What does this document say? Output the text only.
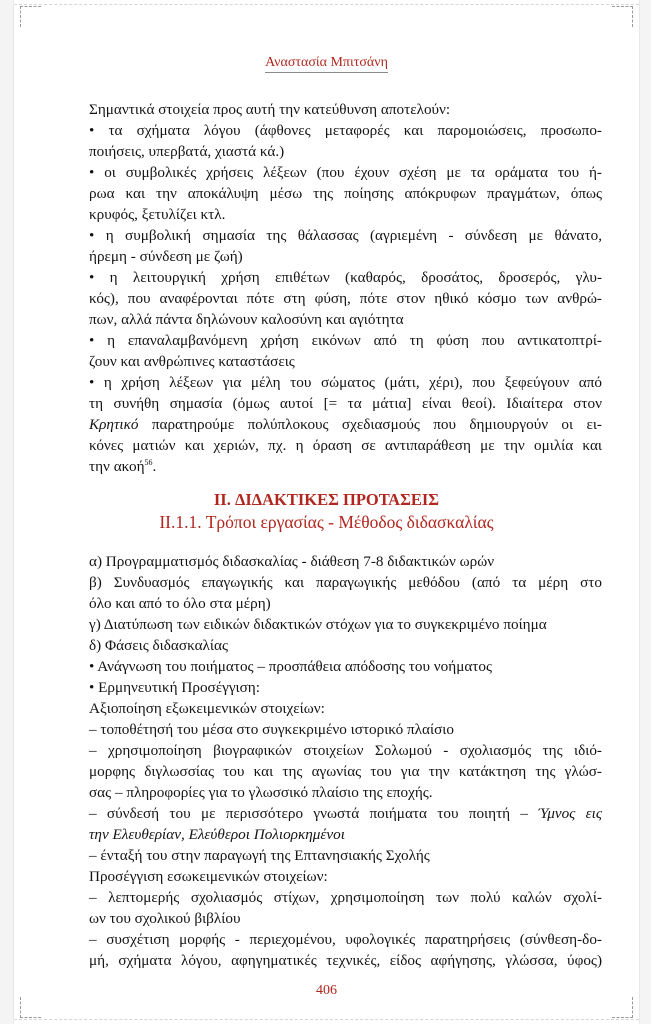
Αναστασία Μπιτσάνη
Σημαντικά στοιχεία προς αυτή την κατεύθυνση αποτελούν:
• τα σχήματα λόγου (άφθονες μεταφορές και παρομοιώσεις, προσωπο-
ποιήσεις, υπερβατά, χιαστά κά.)
• οι συμβολικές χρήσεις λέξεων (που έχουν σχέση με τα οράματα του ή-
ρωα και την αποκάλυψη μέσω της ποίησης απόκρυφων πραγμάτων, όπως
κρυφός, ξετυλίζει κτλ.
• η συμβολική σημασία της θάλασσας (αγριεμένη - σύνδεση με θάνατο,
ήρεμη - σύνδεση με ζωή)
• η λειτουργική χρήση επιθέτων (καθαρός, δροσάτος, δροσερός, γλυ-
κός), που αναφέρονται πότε στη φύση, πότε στον ηθικό κόσμο των ανθρώ-
πων, αλλά πάντα δηλώνουν καλοσύνη και αγιότητα
• η επαναλαμβανόμενη χρήση εικόνων από τη φύση που αντικατοπτρί-
ζουν και ανθρώπινες καταστάσεις
• η χρήση λέξεων για μέλη του σώματος (μάτι, χέρι), που ξεφεύγουν από
τη συνήθη σημασία (όμως αυτοί [= τα μάτια] είναι θεοί). Ιδιαίτερα στον
Κρητικό παρατηρούμε πολύπλοκους σχεδιασμούς που δημιουργούν οι ει-
κόνες ματιών και χεριών, πχ. η όραση σε αντιπαράθεση με την ομιλία και
την ακοή$^{56}$.
II. ΔΙΔΑΚΤΙΚΕΣ ΠΡΟΤΑΣΕΙΣ
ΙΙ.1.1. Τρόποι εργασίας - Μέθοδος διδασκαλίας
α) Προγραμματισμός διδασκαλίας - διάθεση 7-8 διδακτικών ωρών
β) Συνδυασμός επαγωγικής και παραγωγικής μεθόδου (από τα μέρη στο
όλο και από το όλο στα μέρη)
γ) Διατύπωση των ειδικών διδακτικών στόχων για το συγκεκριμένο ποίημα
δ) Φάσεις διδασκαλίας
• Ανάγνωση του ποιήματος – προσπάθεια απόδοσης του νοήματος
• Ερμηνευτική Προσέγγιση:
Αξιοποίηση εξωκειμενικών στοιχείων:
– τοποθέτησή του μέσα στο συγκεκριμένο ιστορικό πλαίσιο
– χρησιμοποίηση βιογραφικών στοιχείων Σολωμού - σχολιασμός της ιδιό-
μορφης διγλωσσίας του και της αγωνίας του για την κατάκτηση της γλώσ-
σας – πληροφορίες για το γλωσσικό πλαίσιο της εποχής.
– σύνδεσή του με περισσότερο γνωστά ποιήματα του ποιητή – Ύμνος εις
την Ελευθερίαν, Ελεύθεροι Πολιορκημένοι
– ένταξή του στην παραγωγή της Επτανησιακής Σχολής
Προσέγγιση εσωκειμενικών στοιχείων:
– λεπτομερής σχολιασμός στίχων, χρησιμοποίηση των πολύ καλών σχολί-
ων του σχολικού βιβλίου
– συσχέτιση μορφής - περιεχομένου, υφολογικές παρατηρήσεις (σύνθεση-δο-
μή, σχήματα λόγου, αφηγηματικές τεχνικές, είδος αφήγησης, γλώσσα, ύφος)
406
